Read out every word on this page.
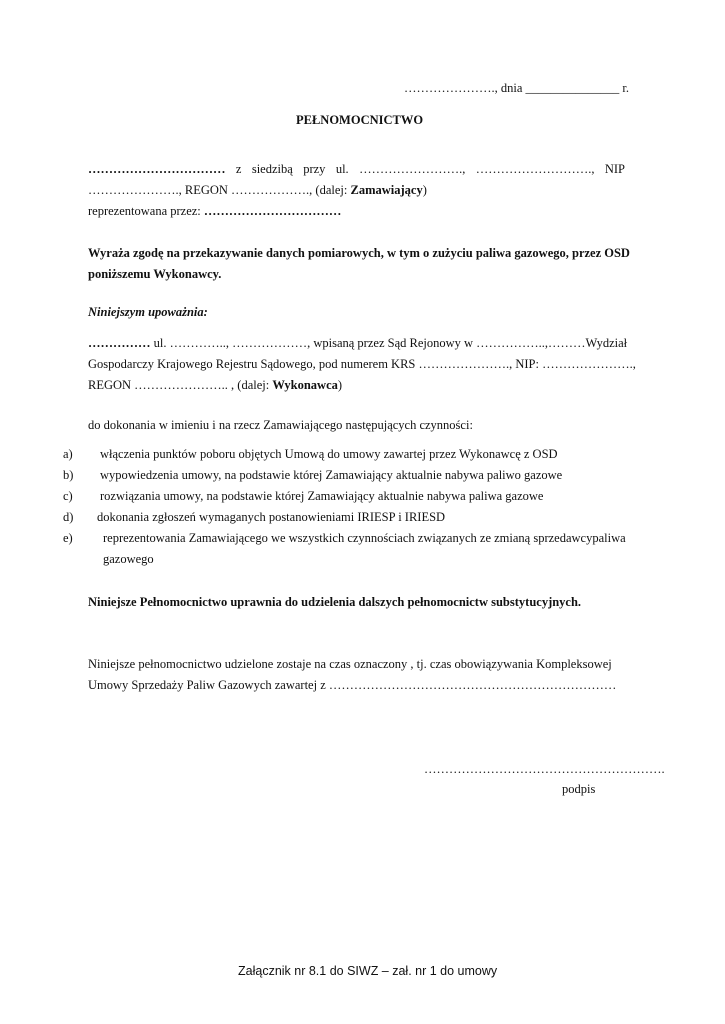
…………………., dnia _______________ r.
PEŁNOMOCNICTWO
…………………………… z siedzibą przy ul. ……………………., ………………………., NIP
…………………., REGON ………………., (dalej: Zamawiający)
reprezentowana przez: ……………………………
Wyraża zgodę na przekazywanie danych pomiarowych, w tym o zużyciu paliwa gazowego, przez OSD
poniższemu Wykonawcy.
Niniejszym upoważnia:
…………… ul. ………….., ………………, wpisaną przez Sąd Rejonowy w ……………..,……… Wydział
Gospodarczy Krajowego Rejestru Sądowego, pod numerem KRS …………………., NIP: ………………….,
REGON ………………….. , (dalej: Wykonawca)
do dokonania w imieniu i na rzecz Zamawiającego następujących czynności:
a) włączenia punktów poboru objętych Umową do umowy zawartej przez Wykonawcę z OSD
b) wypowiedzenia umowy, na podstawie której Zamawiający aktualnie nabywa paliwo gazowe
c) rozwiązania umowy, na podstawie której Zamawiający aktualnie nabywa paliwa gazowe
d) dokonania zgłoszeń wymaganych postanowieniami IRIESP i IRIESD
e) reprezentowania Zamawiającego we wszystkich czynnościach związanych ze zmianą sprzedawcy paliwa
gazowego
Niniejsze Pełnomocnictwo uprawnia do udzielenia dalszych pełnomocnictw substytucyjnych.
Niniejsze pełnomocnictwo udzielone zostaje na czas oznaczony , tj. czas obowiązywania Kompleksowej
Umowy Sprzedaży Paliw Gazowych zawartej z ……………………………………………………………
………………………………………………….
podpis
Załącznik nr 8.1 do SIWZ – zał. nr 1 do umowy
